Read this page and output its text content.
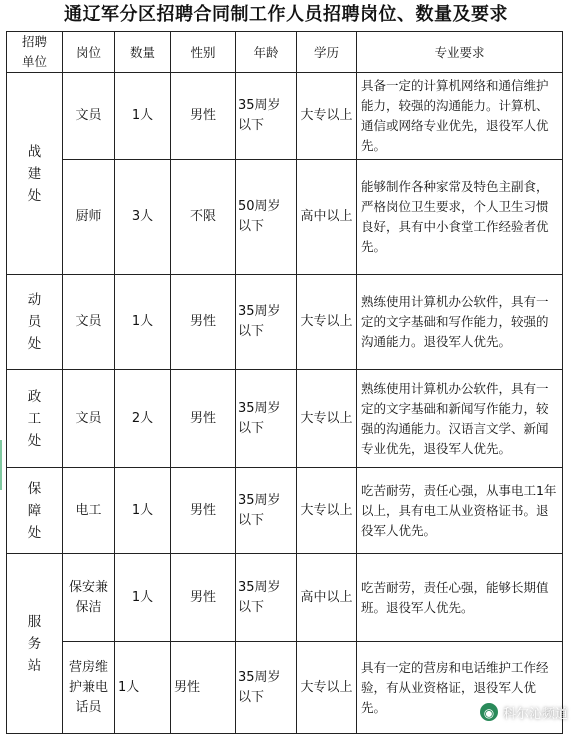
通辽军分区招聘合同制工作人员招聘岗位、数量及要求
招聘单位	岗位	数量	性别	年龄	学历	专业要求
战建处	文员	1人	男性	35周岁以下	大专以上	具备一定的计算机网络和通信维护能力，较强的沟通能力。计算机、通信或网络专业优先，退役军人优先。
	厨师	3人	不限	50周岁以下	高中以上	能够制作各种家常及特色主副食，严格岗位卫生要求，个人卫生习惯良好，具有中小食堂工作经验者优先。
动员处	文员	1人	男性	35周岁以下	大专以上	熟练使用计算机办公软件，具有一定的文字基础和写作能力，较强的沟通能力。退役军人优先。
政工处	文员	2人	男性	35周岁以下	大专以上	熟练使用计算机办公软件，具有一定的文字基础和新闻写作能力，较强的沟通能力。汉语言文学、新闻专业优先，退役军人优先。
保障处	电工	1人	男性	35周岁以下	大专以上	吃苦耐劳，责任心强，从事电工1年以上，具有电工从业资格证书。退役军人优先。
服务站	保安兼保洁	1人	男性	35周岁以下	高中以上	吃苦耐劳，责任心强，能够长期值班。退役军人优先。
	营房维护兼电话员	1人	男性	35周岁以下	大专以上	具有一定的营房和电话维护工作经验，有从业资格证，退役军人优先。	◉ 科尔沁频道
